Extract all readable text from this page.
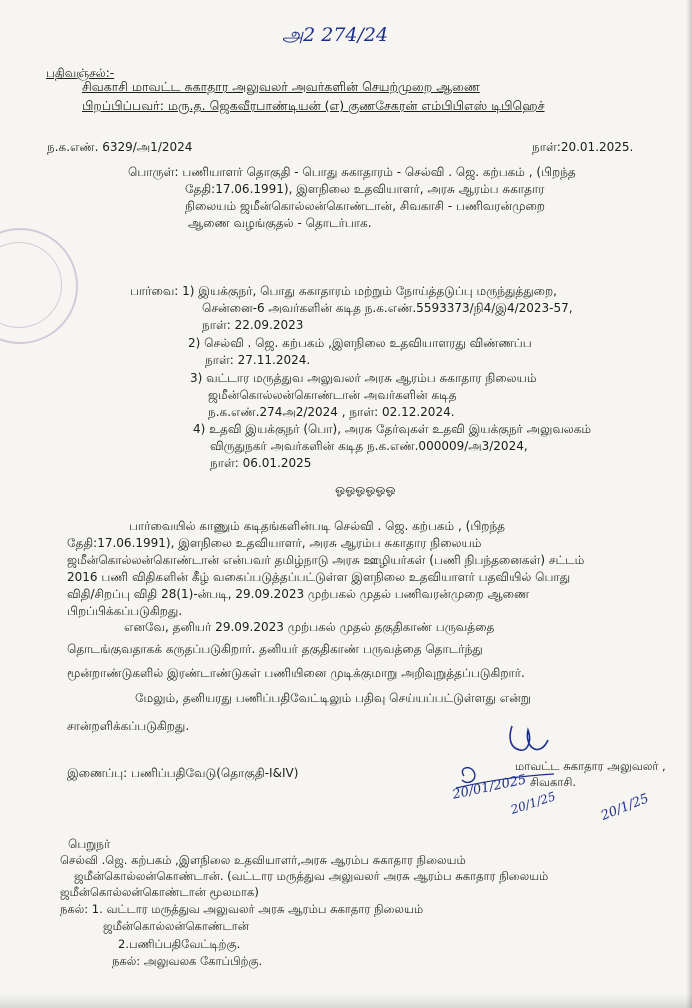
அ2 274/24
பதிவஞ்சல்:-
சிவகாசி மாவட்ட சுகாதார அலுவலர் அவர்களின் செயற்முறை ஆணை
பிறப்பிப்பவர்: மரு.த. ஜெகவீரபாண்டியன் (எ) குணசேகரன் எம்பிபிஎஸ் டிபிஹெச்
ந.க.எண். 6329/அ1/2024	நாள்:20.01.2025.
பொருள்: பணியாளர் தொகுதி - பொது சுகாதாரம் - செல்வி . ஜெ. கற்பகம் , (பிறந்த
தேதி:17.06.1991), இளநிலை உதவியாளர், அரசு ஆரம்ப சுகாதார
நிலையம் ஜமீன்கொல்லன்கொண்டான், சிவகாசி - பணிவரன்முறை
ஆணை வழங்குதல் - தொடர்பாக.
பார்வை: 1) இயக்குநர், பொது சுகாதாரம் மற்றும் நோய்த்தடுப்பு மருந்துத்துறை,
சென்னை-6 அவர்களின் கடித ந.க.எண்.5593373/நி4/இ4/2023-57,
நாள்: 22.09.2023
2) செல்வி . ஜெ. கற்பகம் ,இளநிலை உதவியாளரது விண்ணப்ப
நாள்: 27.11.2024.
3) வட்டார மருத்துவ அலுவலர் அரசு ஆரம்ப சுகாதார நிலையம்
ஜமீன்கொல்லன்கொண்டான் அவர்களின் கடித
ந.க.எண்.274அ2/2024 , நாள்: 02.12.2024.
4) உதவி இயக்குநர் (பொ), அரசு தேர்வுகள் உதவி இயக்குநர் அலுவலகம்
விருதுநகர் அவர்களின் கடித ந.க.எண்.000009/அ3/2024,
நாள்: 06.01.2025
ஓஓஓஓஓஓ
பார்வையில் காணும் கடிதங்களின்படி செல்வி . ஜெ. கற்பகம் , (பிறந்த
தேதி:17.06.1991), இளநிலை உதவியாளர், அரசு ஆரம்ப சுகாதார நிலையம்
ஜமீன்கொல்லன்கொண்டான் என்பவர் தமிழ்நாடு அரசு ஊழியர்கள் (பணி நிபந்தனைகள்) சட்டம்
2016 பணி விதிகளின் கீழ் வகைப்படுத்தப்பட்டுள்ள இளநிலை உதவியாளர் பதவியில் பொது
விதி/சிறப்பு விதி 28(1)-ன்படி, 29.09.2023 முற்பகல் முதல் பணிவரன்முறை ஆணை
பிறப்பிக்கப்படுகிறது.
எனவே, தனியர் 29.09.2023 முற்பகல் முதல் தகுதிகாண் பருவத்தை
தொடங்குவதாகக் கருதப்படுகிறார். தனியர் தகுதிகாண் பருவத்தை தொடர்ந்து
மூன்றாண்டுகளில் இரண்டாண்டுகள் பணியினை முடிக்குமாறு அறிவுறுத்தப்படுகிறார்.
மேலும், தனியரது பணிப்பதிவேட்டிலும் பதிவு செய்யப்பட்டுள்ளது என்று
சான்றளிக்கப்படுகிறது.
இணைப்பு: பணிப்பதிவேடு(தொகுதி-I&IV)	மாவட்ட சுகாதார அலுவலர் ,
சிவகாசி.
20/01/2025
20/1/25	20/1/25
பெறுநர்
செல்வி .ஜெ. கற்பகம் ,இளநிலை உதவியாளர்,அரசு ஆரம்ப சுகாதார நிலையம்
ஜமீன்கொல்லன்கொண்டான். (வட்டார மருத்துவ அலுவலர் அரசு ஆரம்ப சுகாதார நிலையம்
ஜமீன்கொல்லன்கொண்டான் மூலமாக)
நகல்: 1. வட்டார மருத்துவ அலுவலர் அரசு ஆரம்ப சுகாதார நிலையம்
ஜமீன்கொல்லன்கொண்டான்
2.பணிப்பதிவேட்டிற்கு.
நகல்: அலுவலக கோப்பிற்கு.
